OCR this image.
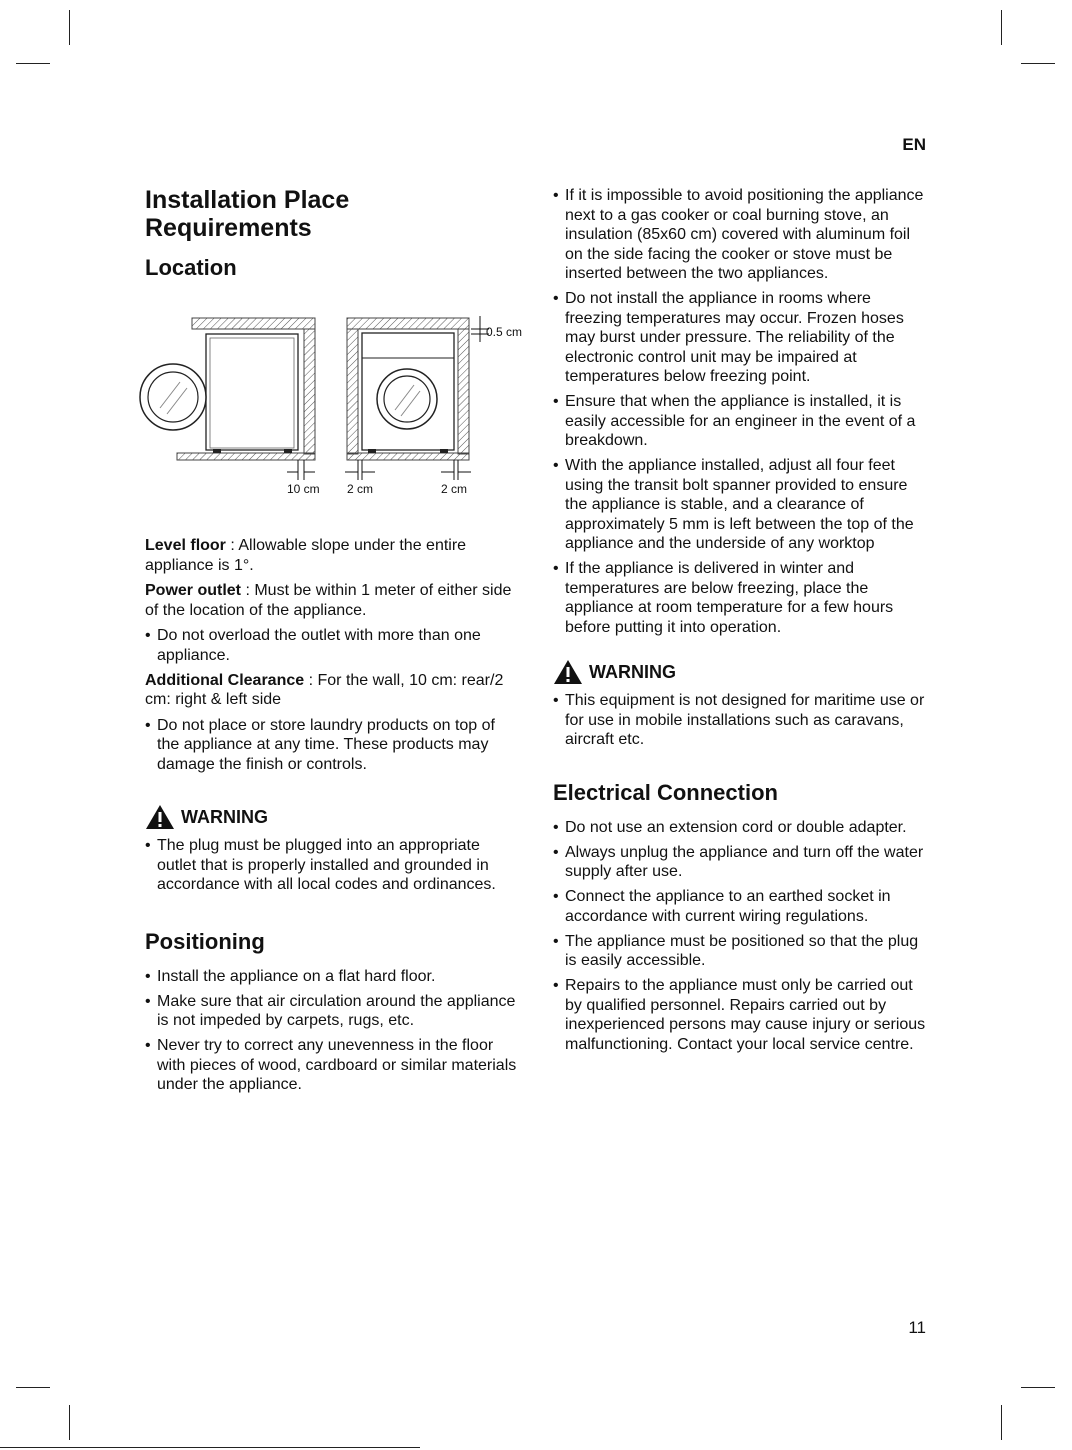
EN
11
Installation Place Requirements
Location
0.5 cm
10 cm 2 cm	2 cm

Level floor : Allowable slope under the entire appliance is 1°.

Power outlet : Must be within 1 meter of either side of the location of the appliance.

• Do not overload the outlet with more than one appliance.

Additional Clearance : For the wall, 10 cm: rear/2 cm: right & left side

• Do not place or store laundry products on top of the appliance at any time. These products may damage the finish or controls.
WARNING
• The plug must be plugged into an appropriate outlet that is properly installed and grounded in accordance with all local codes and ordinances.
Positioning
• Install the appliance on a flat hard floor.
• Make sure that air circulation around the appliance is not impeded by carpets, rugs, etc.
• Never try to correct any unevenness in the floor with pieces of wood, cardboard or similar materials under the appliance.
• If it is impossible to avoid positioning the appliance next to a gas cooker or coal burning stove, an insulation (85x60 cm) covered with aluminum foil on the side facing the cooker or stove must be inserted between the two appliances.
• Do not install the appliance in rooms where freezing temperatures may occur. Frozen hoses may burst under pressure. The reliability of the electronic control unit may be impaired at temperatures below freezing point.
• Ensure that when the appliance is installed, it is easily accessible for an engineer in the event of a breakdown.
• With the appliance installed, adjust all four feet using the transit bolt spanner provided to ensure the appliance is stable, and a clearance of approximately 5 mm is left between the top of the appliance and the underside of any worktop
• If the appliance is delivered in winter and temperatures are below freezing, place the appliance at room temperature for a few hours before putting it into operation.
WARNING
• This equipment is not designed for maritime use or for use in mobile installations such as caravans, aircraft etc.
Electrical Connection
• Do not use an extension cord or double adapter.
• Always unplug the appliance and turn off the water supply after use.
• Connect the appliance to an earthed socket in accordance with current wiring regulations.
• The appliance must be positioned so that the plug is easily accessible.
• Repairs to the appliance must only be carried out by qualified personnel. Repairs carried out by inexperienced persons may cause injury or serious malfunctioning. Contact your local service centre.
